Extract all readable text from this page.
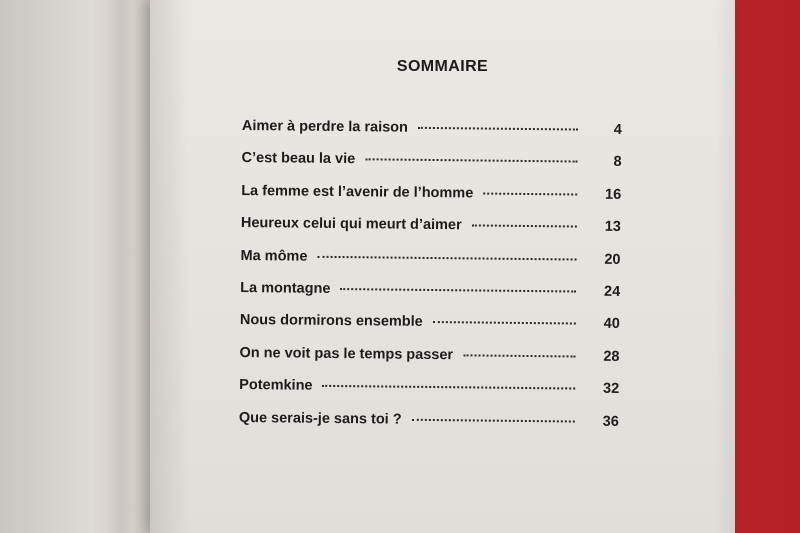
SOMMAIRE
Aimer à perdre la raison	4
C’est beau la vie	8
La femme est l’avenir de l’homme	16
Heureux celui qui meurt d’aimer	13
Ma môme	20
La montagne	24
Nous dormirons ensemble	40
On ne voit pas le temps passer	28
Potemkine	32
Que serais-je sans toi ?	36
